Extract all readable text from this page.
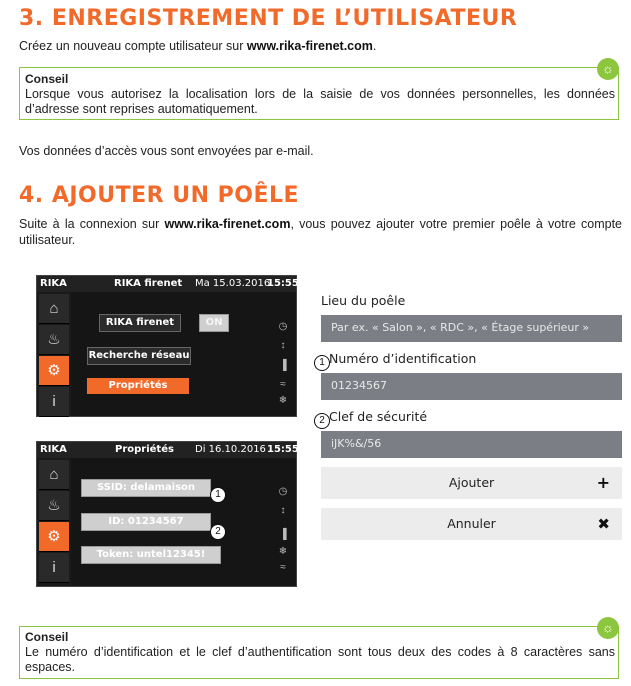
3. ENREGISTREMENT DE L’UTILISATEUR
Créez un nouveau compte utilisateur sur www.rika-firenet.com.
Conseil
Lorsque vous autorisez la localisation lors de la saisie de vos données personnelles, les données d’adresse sont reprises automatiquement.
☼
Vos données d’accès vous sont envoyées par e-mail.
4. AJOUTER UN POÊLE
Suite à la connexion sur www.rika-firenet.com, vous pouvez ajouter votre premier poêle à votre compte utilisateur.
RIKA	RIKA firenet Ma 15.03.2016
15:55
⌂
♨
⚙
i
RIKA firenet	ON
Recherche réseau
Propriétés
◷
↕
▐
≈
❄
RIKA	Propriétés Di 16.10.2016 15:55
⌂
♨
⚙
i
SSID: delamaison
ID: 01234567
Token: untel12345!
1
2
◷
↕
▐
❄
≈
Lieu du poêle
Par ex. « Salon », « RDC », « Étage supérieur »
1 Numéro d’identification
01234567
2 Clef de sécurité
iJK%&/56
Ajouter	+
Annuler	✖
Conseil
Le numéro d’identification et le clef d’authentification sont tous deux des codes à 8 caractères sans espaces.
☼
